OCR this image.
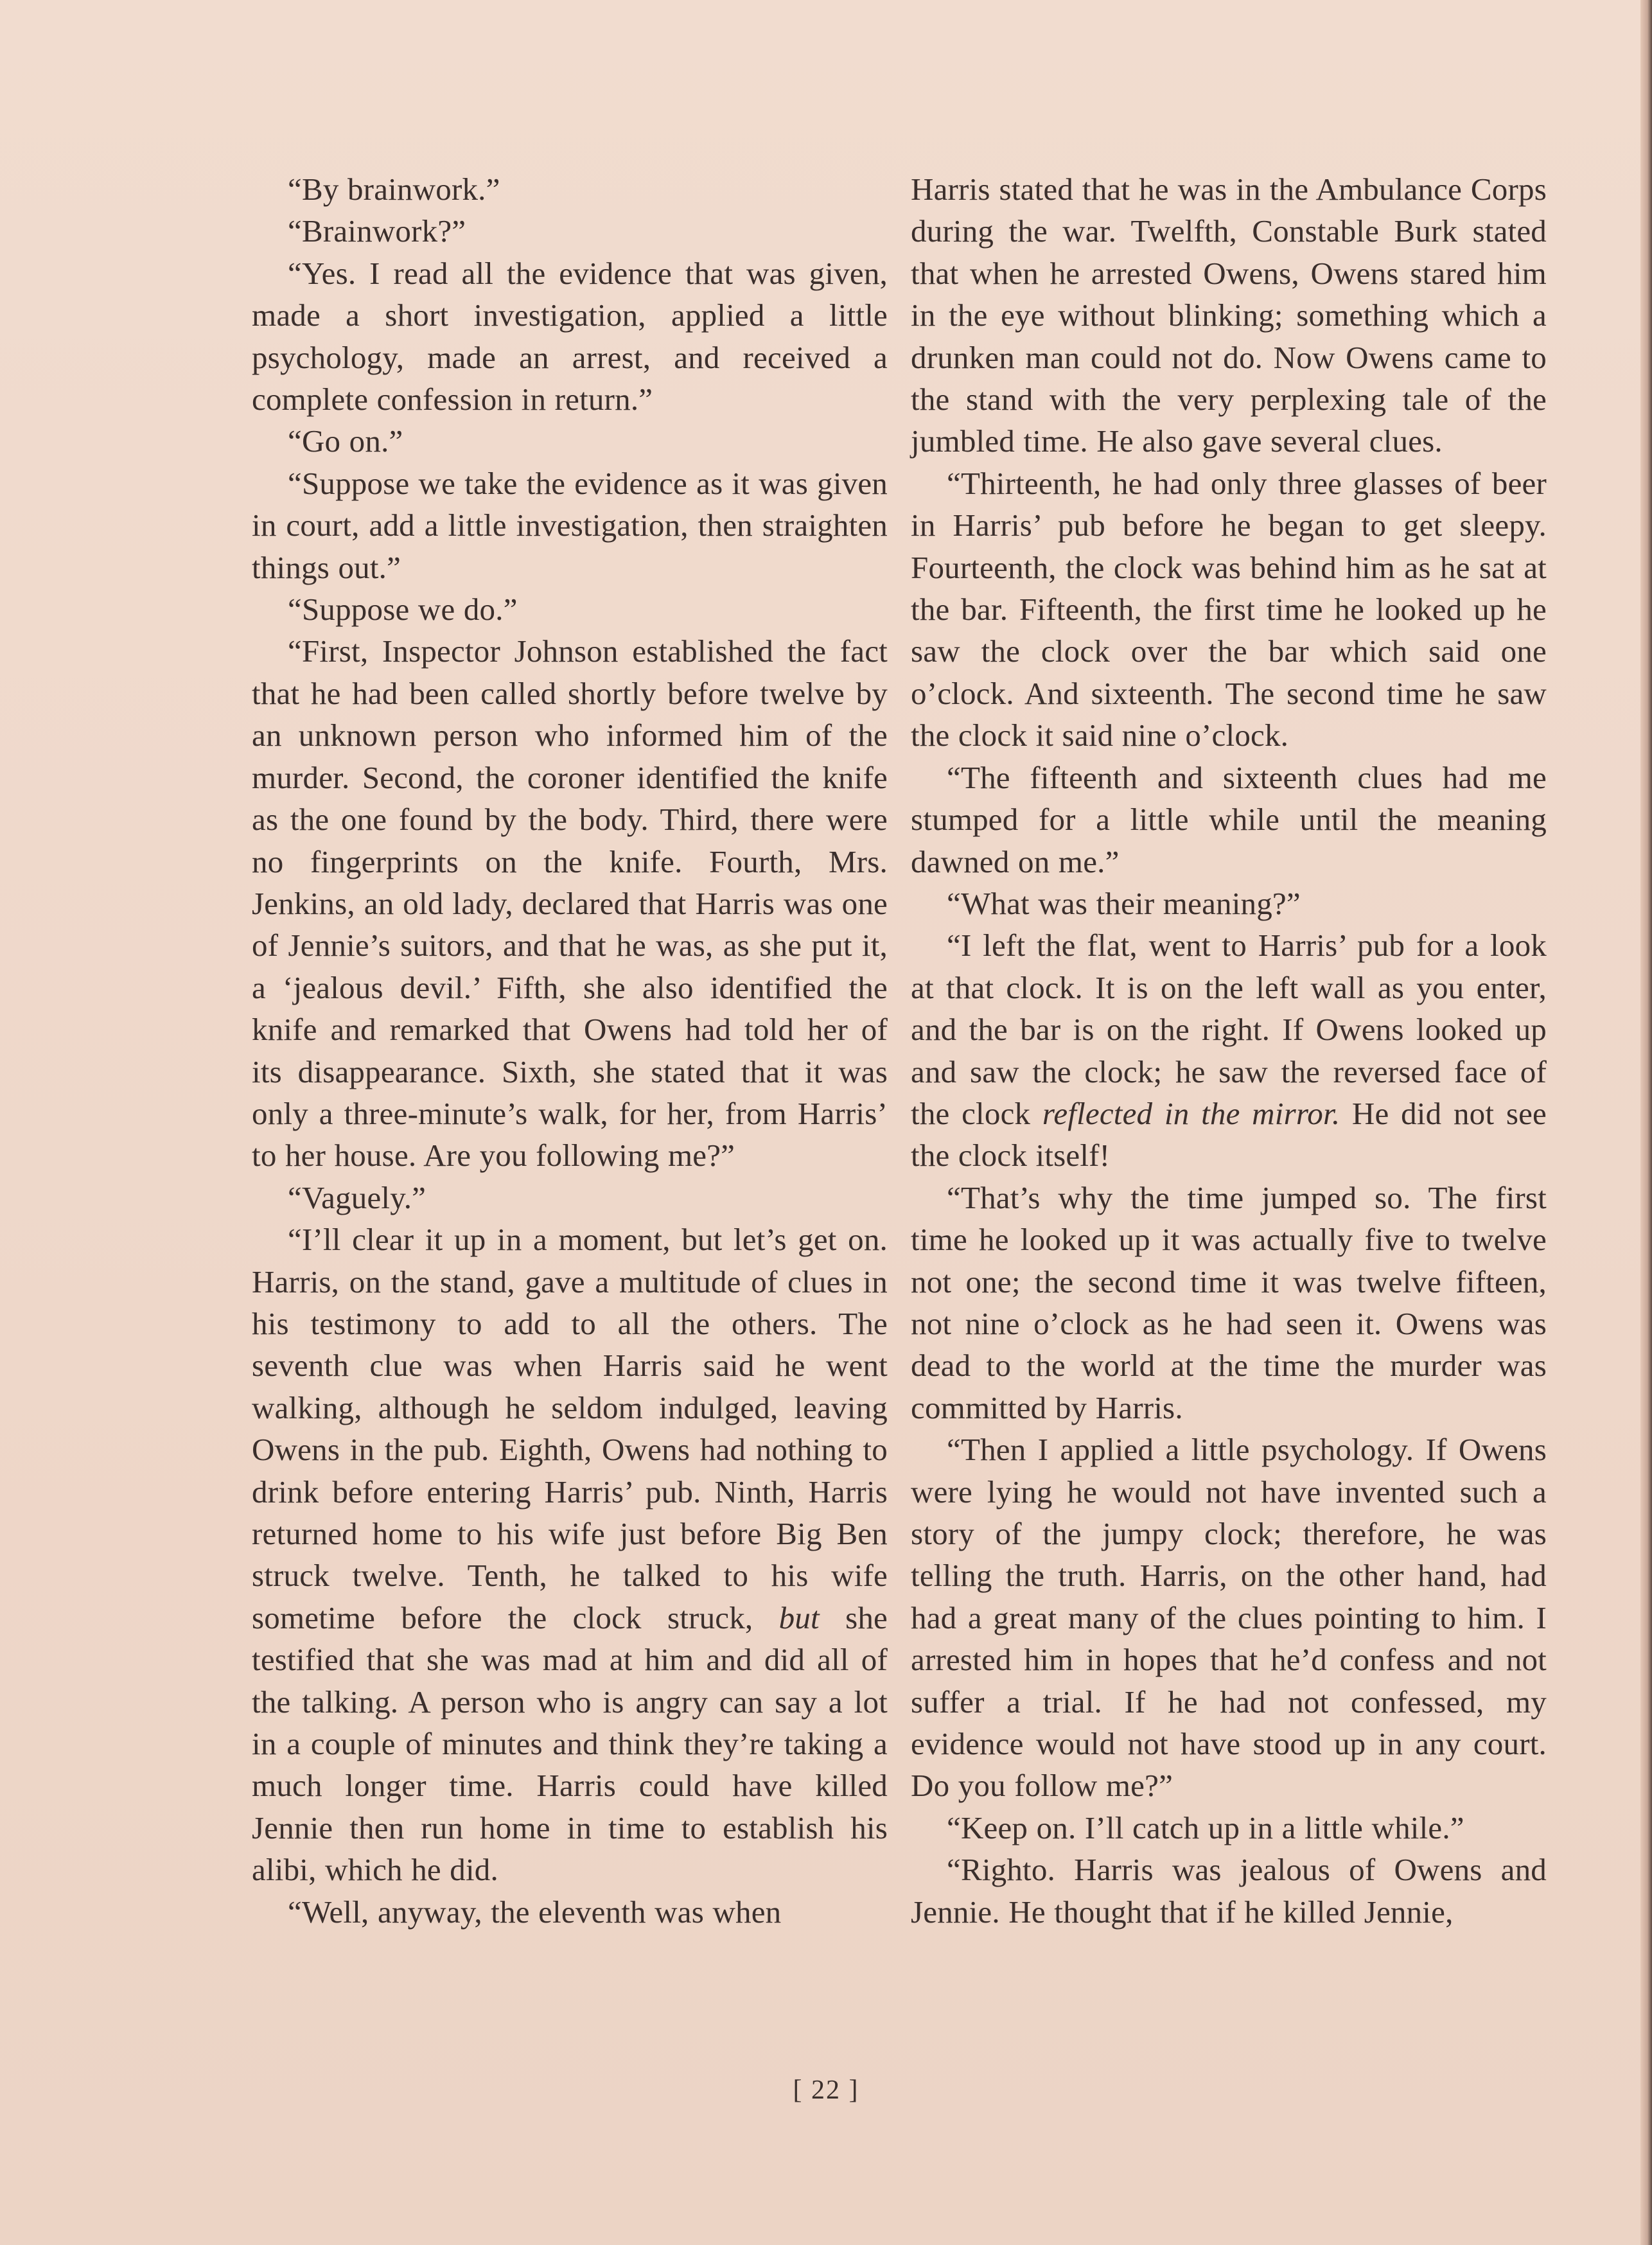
“By brainwork.”

“Brainwork?”

“Yes. I read all the evidence that was given, made a short investigation, applied a little psychology, made an arrest, and received a complete confession in return.”

“Go on.”

“Suppose we take the evidence as it was given in court, add a little investigation, then straighten things out.”

“Suppose we do.”

“First, Inspector Johnson established the fact that he had been called shortly before twelve by an unknown person who informed him of the murder. Second, the coroner identified the knife as the one found by the body. Third, there were no fingerprints on the knife. Fourth, Mrs. Jenkins, an old lady, declared that Harris was one of Jennie’s suitors, and that he was, as she put it, a ‘jealous devil.’ Fifth, she also identified the knife and remarked that Owens had told her of its disappearance. Sixth, she stated that it was only a three-minute’s walk, for her, from Harris’ to her house. Are you following me?”

“Vaguely.”

“I’ll clear it up in a moment, but let’s get on. Harris, on the stand, gave a multitude of clues in his testimony to add to all the others. The seventh clue was when Harris said he went walking, although he seldom indulged, leaving Owens in the pub. Eighth, Owens had nothing to drink before entering Harris’ pub. Ninth, Harris returned home to his wife just before Big Ben struck twelve. Tenth, he talked to his wife sometime before the clock struck, but she testified that she was mad at him and did all of the talking. A person who is angry can say a lot in a couple of minutes and think they’re taking a much longer time. Harris could have killed Jennie then run home in time to establish his alibi, which he did.

“Well, anyway, the eleventh was when

Harris stated that he was in the Ambulance Corps during the war. Twelfth, Constable Burk stated that when he arrested Owens, Owens stared him in the eye without blinking; something which a drunken man could not do. Now Owens came to the stand with the very perplexing tale of the jumbled time. He also gave several clues.

“Thirteenth, he had only three glasses of beer in Harris’ pub before he began to get sleepy. Fourteenth, the clock was behind him as he sat at the bar. Fifteenth, the first time he looked up he saw the clock over the bar which said one o’clock. And sixteenth. The second time he saw the clock it said nine o’clock.

“The fifteenth and sixteenth clues had me stumped for a little while until the meaning dawned on me.”

“What was their meaning?”

“I left the flat, went to Harris’ pub for a look at that clock. It is on the left wall as you enter, and the bar is on the right. If Owens looked up and saw the clock; he saw the reversed face of the clock reflected in the mirror. He did not see the clock itself!

“That’s why the time jumped so. The first time he looked up it was actually five to twelve not one; the second time it was twelve fifteen, not nine o’clock as he had seen it. Owens was dead to the world at the time the murder was committed by Harris.

“Then I applied a little psychology. If Owens were lying he would not have invented such a story of the jumpy clock; therefore, he was telling the truth. Harris, on the other hand, had had a great many of the clues pointing to him. I arrested him in hopes that he’d confess and not suffer a trial. If he had not confessed, my evidence would not have stood up in any court. Do you follow me?”

“Keep on. I’ll catch up in a little while.”

“Righto. Harris was jealous of Owens and Jennie. He thought that if he killed Jennie,

[ 22 ]
